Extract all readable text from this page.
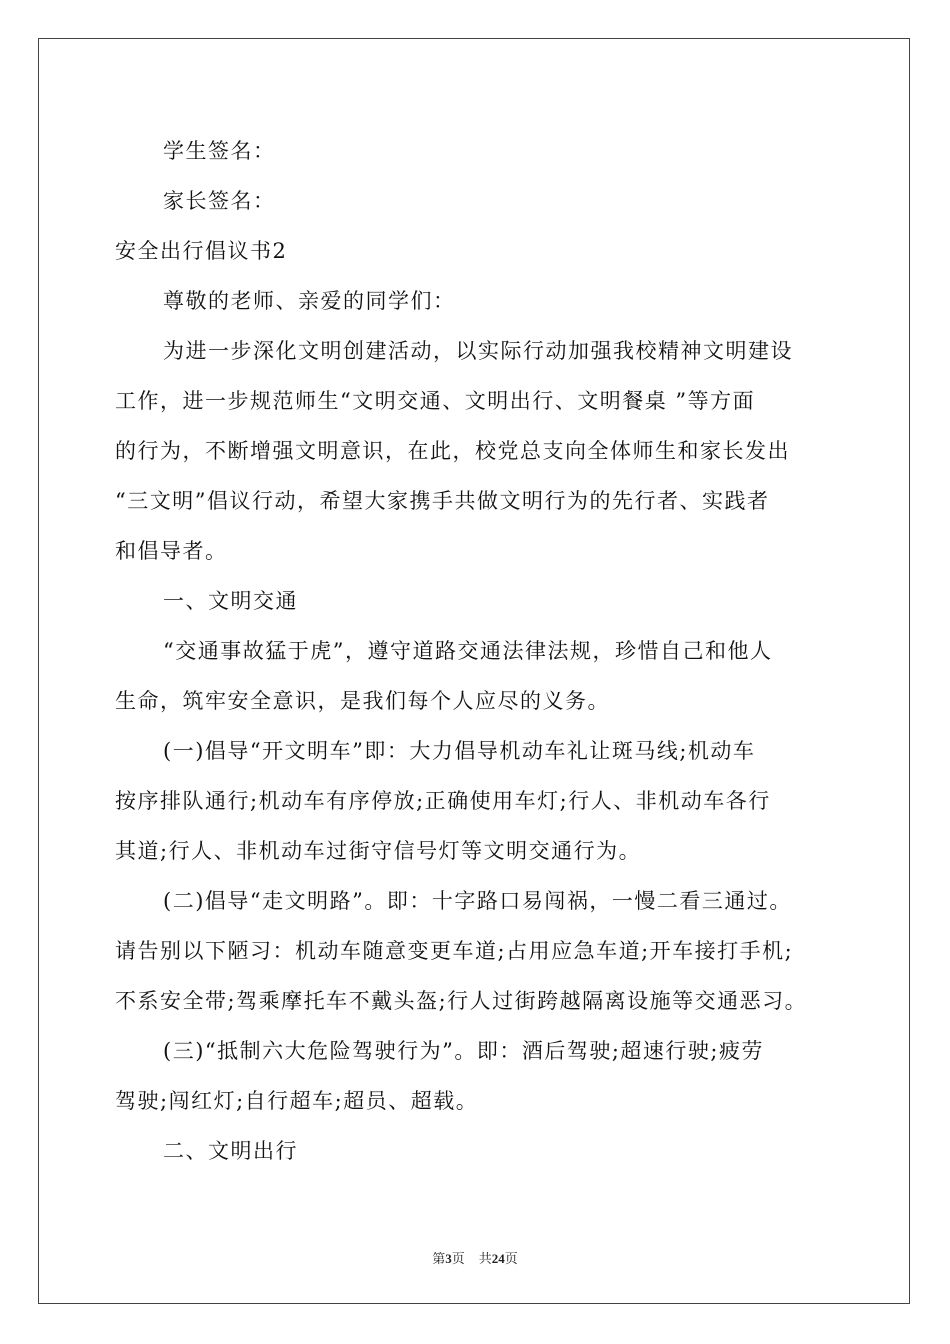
学生签名：
家长签名：
安全出行倡议书2
尊敬的老师、亲爱的同学们：
为进一步深化文明创建活动，以实际行动加强我校精神文明建设
工作，进一步规范师生“文明交通、文明出行、文明餐桌 ”等方面
的行为，不断增强文明意识，在此，校党总支向全体师生和家长发出
“三文明”倡议行动，希望大家携手共做文明行为的先行者、实践者
和倡导者。
一、文明交通
“交通事故猛于虎”，遵守道路交通法律法规，珍惜自己和他人
生命，筑牢安全意识，是我们每个人应尽的义务。
(一)倡导“开文明车”即：大力倡导机动车礼让斑马线;机动车
按序排队通行;机动车有序停放;正确使用车灯;行人、非机动车各行
其道;行人、非机动车过街守信号灯等文明交通行为。
(二)倡导“走文明路”。即：十字路口易闯祸，一慢二看三通过。
请告别以下陋习：机动车随意变更车道;占用应急车道;开车接打手机;
不系安全带;驾乘摩托车不戴头盔;行人过街跨越隔离设施等交通恶习。
(三)“抵制六大危险驾驶行为”。即：酒后驾驶;超速行驶;疲劳
驾驶;闯红灯;自行超车;超员、超载。
二、文明出行
第3页 共24页
